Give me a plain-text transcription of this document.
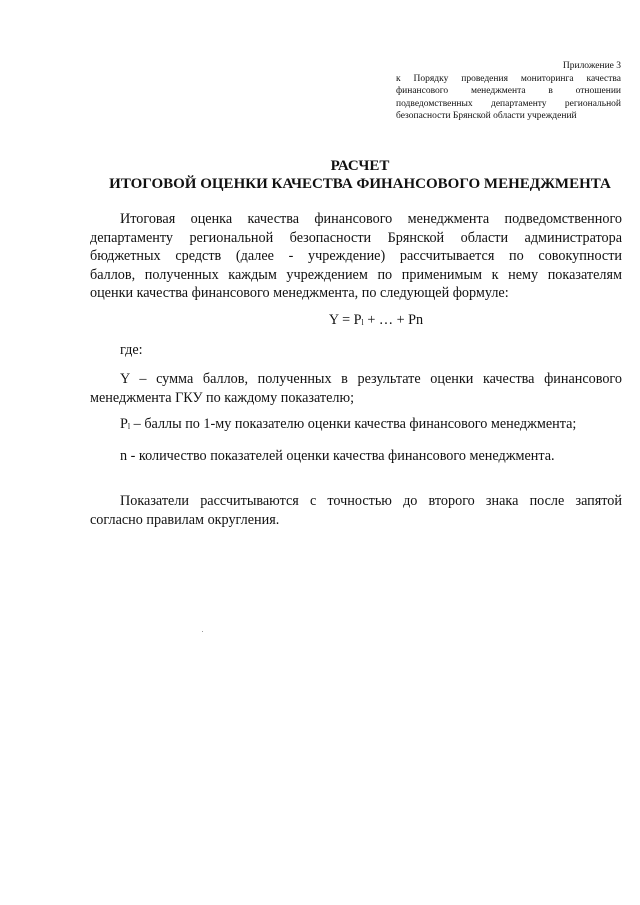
Приложение 3
к Порядку проведения мониторинга качества
финансового менеджмента в отношении
подведомственных департаменту региональной
безопасности Брянской области учреждений
РАСЧЕТ
ИТОГОВОЙ ОЦЕНКИ КАЧЕСТВА ФИНАНСОВОГО МЕНЕДЖМЕНТА
Итоговая оценка качества финансового менеджмента подведомственного
департаменту региональной безопасности Брянской области администратора
бюджетных средств (далее - учреждение) рассчитывается по совокупности
баллов, полученных каждым учреждением по применимым к нему показателям
оценки качества финансового менеджмента, по следующей формуле:
$Y = P_l$ + … + Pn
где:
Y – сумма баллов, полученных в результате оценки качества финансового
менеджмента ГКУ по каждому показателю;
$P_l$ – баллы по 1-му показателю оценки качества финансового менеджмента;
n - количество показателей оценки качества финансового менеджмента.
Показатели рассчитываются с точностью до второго знака после запятой
согласно правилам округления.
